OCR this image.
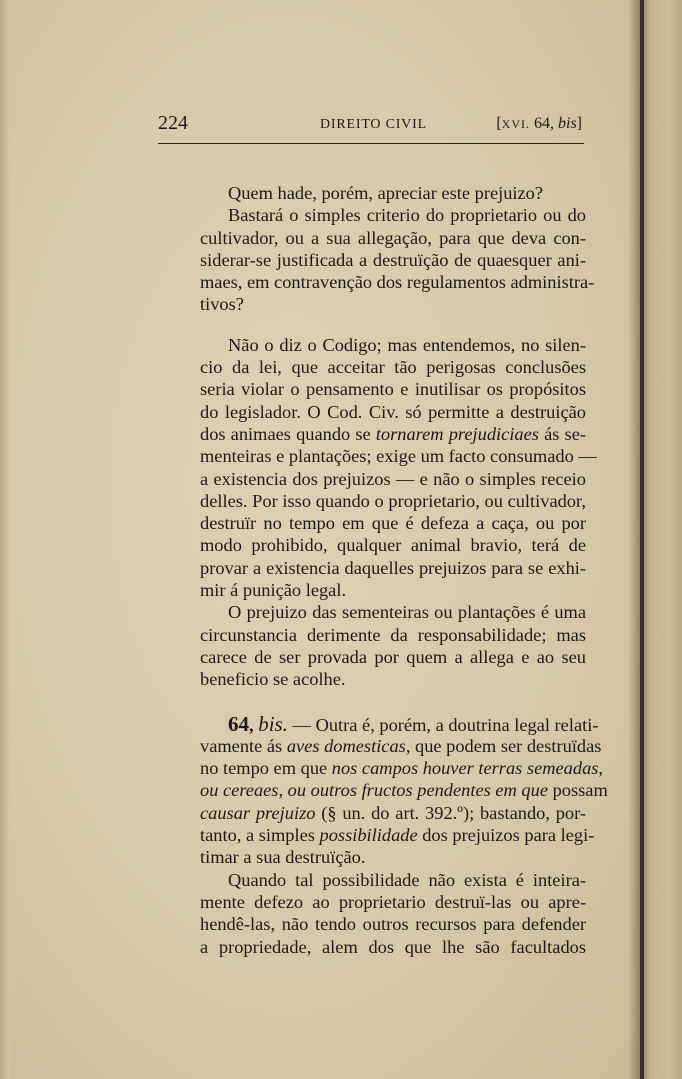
224	DIREITO CIVIL	[XVI. 64, bis]
Quem hade, porém, apreciar este prejuizo?
Bastará o simples criterio do proprietario ou do
cultivador, ou a sua allegação, para que deva con-
siderar-se justificada a destruïção de quaesquer ani-
maes, em contravenção dos regulamentos administra-
tivos?
Não o diz o Codigo; mas entendemos, no silen-
cio da lei, que acceitar tão perigosas conclusões
seria violar o pensamento e inutilisar os propósitos
do legislador. O Cod. Civ. só permitte a destruição
dos animaes quando se tornarem prejudiciaes ás se-
menteiras e plantações; exige um facto consumado —
a existencia dos prejuizos — e não o simples receio
delles. Por isso quando o proprietario, ou cultivador,
destruïr no tempo em que é defeza a caça, ou por
modo prohibido, qualquer animal bravio, terá de
provar a existencia daquelles prejuizos para se exhi-
mir á punição legal.
O prejuizo das sementeiras ou plantações é uma
circunstancia derimente da responsabilidade; mas
carece de ser provada por quem a allega e ao seu
beneficio se acolhe.
64, bis. — Outra é, porém, a doutrina legal relati-
vamente ás aves domesticas, que podem ser destruïdas
no tempo em que nos campos houver terras semeadas,
ou cereaes, ou outros fructos pendentes em que possam
causar prejuizo (§ un. do art. 392.º); bastando, por-
tanto, a simples possibilidade dos prejuizos para legi-
timar a sua destruïção.
Quando tal possibilidade não exista é inteira-
mente defezo ao proprietario destruï-las ou apre-
hendê-las, não tendo outros recursos para defender
a propriedade, alem dos que lhe são facultados
